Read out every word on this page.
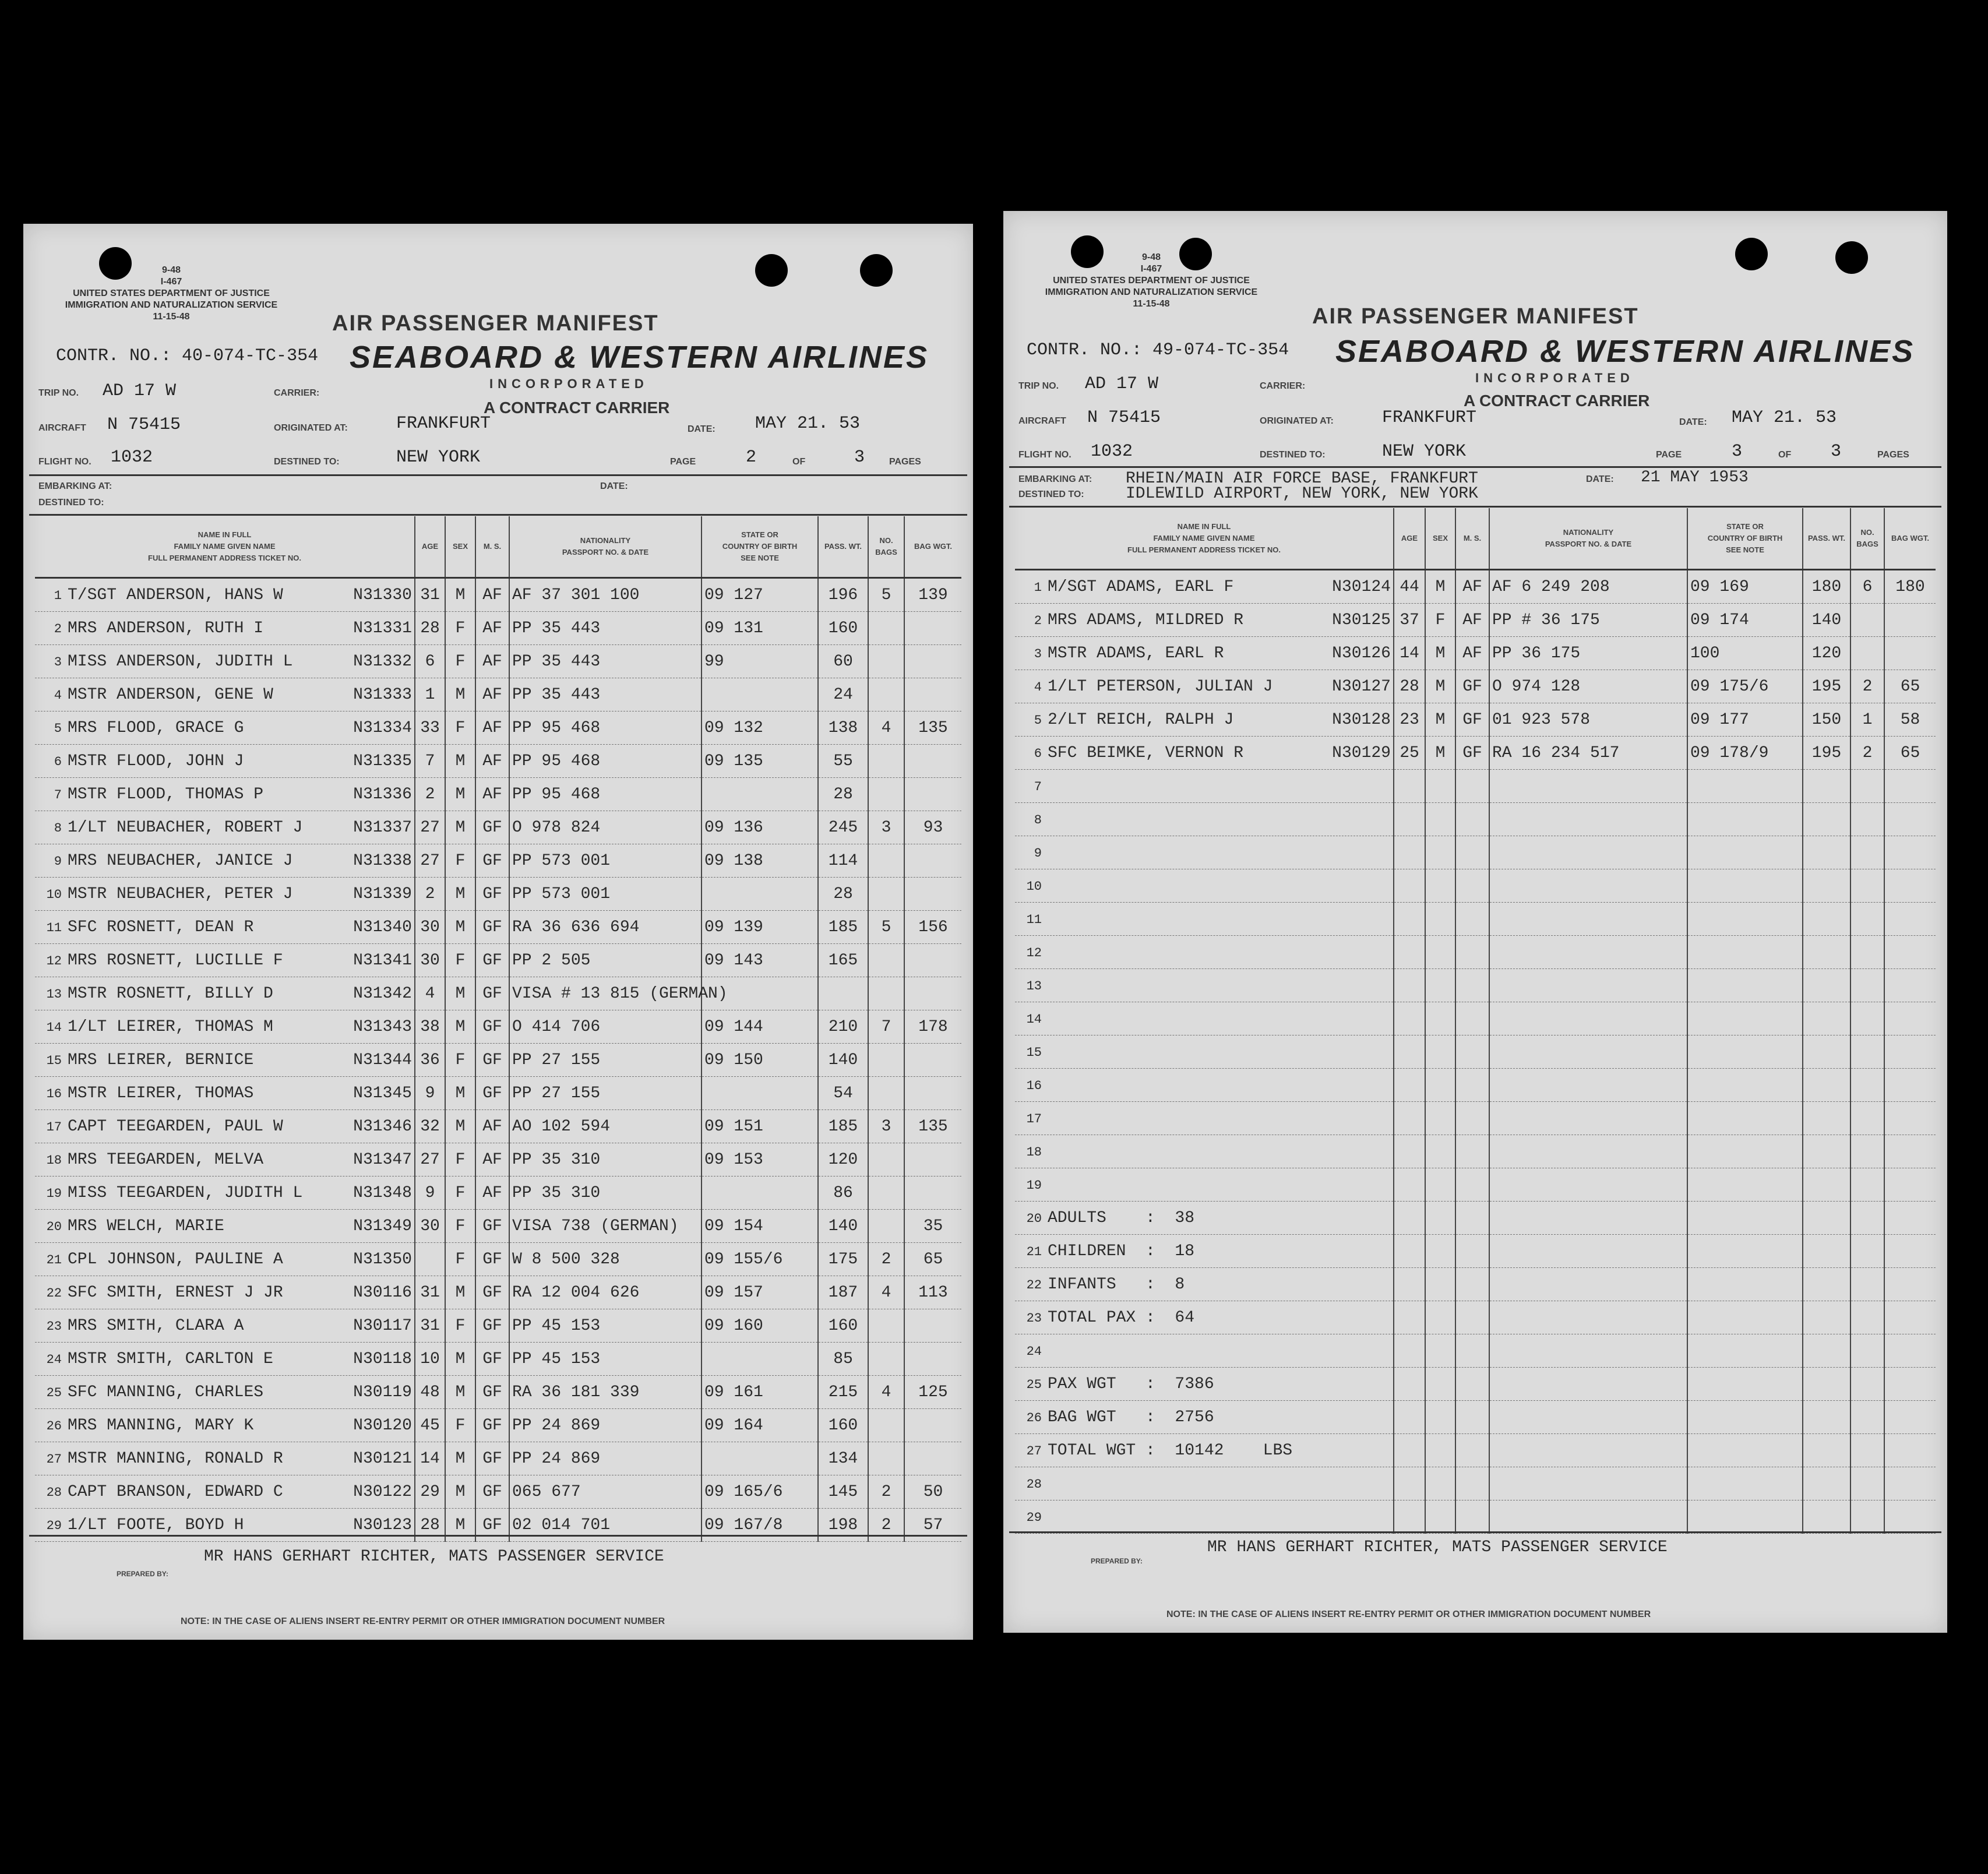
9-48
I-467
UNITED STATES DEPARTMENT OF JUSTICE
IMMIGRATION AND NATURALIZATION SERVICE
11-15-48	AIR PASSENGER MANIFEST
CONTR. NO.: 40-074-TC-354 SEABOARD & WESTERN AIRLINES
INCORPORATED
A CONTRACT CARRIER
TRIP NO. AD 17 W	CARRIER:
AIRCRAFT N 75415	ORIGINATED AT:	FRANKFURT	DATE: MAY 21. 53
FLIGHT NO. 1032	DESTINED TO:	NEW YORK	PAGE	2	OF	3	PAGES
EMBARKING AT:	DATE:
DESTINED TO:
NAME IN FULL
FAMILY NAME GIVEN NAME
FULL PERMANENT ADDRESS TICKET NO.	AGE	SEX	M. S.	NATIONALITY
PASSPORT NO. & DATE	STATE OR
COUNTRY OF BIRTH
SEE NOTE	PASS. WT.	NO. BAGS	BAG WGT.
1 T/SGT ANDERSON, HANS W N31330	31	M	AF	AF 37 301 100	09 127	196	5	139
2 MRS ANDERSON, RUTH I N31331	28	F	AF	PP 35 443	09 131	160		
3 MISS ANDERSON, JUDITH L N31332	6	F	AF	PP 35 443	99	60		
4 MSTR ANDERSON, GENE W N31333	1	M	AF	PP 35 443		24		
5 MRS FLOOD, GRACE G N31334	33	F	AF	PP 95 468	09 132	138	4	135
6 MSTR FLOOD, JOHN J N31335	7	M	AF	PP 95 468	09 135	55		
7 MSTR FLOOD, THOMAS P N31336	2	M	AF	PP 95 468		28		
8 1/LT NEUBACHER, ROBERT J N31337	27	M	GF	O 978 824	09 136	245	3	93
9 MRS NEUBACHER, JANICE J N31338	27	F	GF	PP 573 001	09 138	114		
10 MSTR NEUBACHER, PETER J N31339	2	M	GF	PP 573 001		28		
11 SFC ROSNETT, DEAN R N31340	30	M	GF	RA 36 636 694	09 139	185	5	156
12 MRS ROSNETT, LUCILLE F N31341	30	F	GF	PP 2 505	09 143	165		
13 MSTR ROSNETT, BILLY D N31342	4	M	GF	VISA # 13 815 (GERMAN)				
14 1/LT LEIRER, THOMAS M N31343	38	M	GF	O 414 706	09 144	210	7	178
15 MRS LEIRER, BERNICE N31344	36	F	GF	PP 27 155	09 150	140		
16 MSTR LEIRER, THOMAS N31345	9	M	GF	PP 27 155		54		
17 CAPT TEEGARDEN, PAUL W N31346	32	M	AF	AO 102 594	09 151	185	3	135
18 MRS TEEGARDEN, MELVA N31347	27	F	AF	PP 35 310	09 153	120		
19 MISS TEEGARDEN, JUDITH L N31348	9	F	AF	PP 35 310		86		
20 MRS WELCH, MARIE N31349	30	F	GF	VISA 738 (GERMAN)	09 154	140		35
21 CPL JOHNSON, PAULINE A N31350		F	GF	W 8 500 328	09 155/6	175	2	65
22 SFC SMITH, ERNEST J JR N30116	31	M	GF	RA 12 004 626	09 157	187	4	113
23 MRS SMITH, CLARA A N30117	31	F	GF	PP 45 153	09 160	160		
24 MSTR SMITH, CARLTON E N30118	10	M	GF	PP 45 153		85		
25 SFC MANNING, CHARLES N30119	48	M	GF	RA 36 181 339	09 161	215	4	125
26 MRS MANNING, MARY K N30120	45	F	GF	PP 24 869	09 164	160		
27 MSTR MANNING, RONALD R N30121	14	M	GF	PP 24 869		134		
28 CAPT BRANSON, EDWARD C N30122	29	M	GF	065 677	09 165/6	145	2	50
29 1/LT FOOTE, BOYD H N30123	28	M	GF	02 014 701	09 167/8	198	2	57
PREPARED BY:
MR HANS GERHART RICHTER, MATS PASSENGER SERVICE
NOTE: IN THE CASE OF ALIENS INSERT RE-ENTRY PERMIT OR OTHER IMMIGRATION DOCUMENT NUMBER
9-48
I-467
UNITED STATES DEPARTMENT OF JUSTICE
IMMIGRATION AND NATURALIZATION SERVICE
11-15-48
AIR PASSENGER MANIFEST
CONTR. NO.: 49-074-TC-354 SEABOARD & WESTERN AIRLINES
INCORPORATED
A CONTRACT CARRIER
TRIP NO. AD 17 W	CARRIER:
AIRCRAFT N 75415	ORIGINATED AT:	FRANKFURT	DATE: MAY 21. 53
FLIGHT NO. 1032	DESTINED TO:	NEW YORK	PAGE	3	OF 3	PAGES
EMBARKING AT: RHEIN/MAIN AIR FORCE BASE, FRANKFURT	DATE: 21 MAY 1953
DESTINED TO:	IDLEWILD AIRPORT, NEW YORK, NEW YORK
NAME IN FULL
FAMILY NAME GIVEN NAME
FULL PERMANENT ADDRESS TICKET NO.	AGE	SEX	M. S.	NATIONALITY
PASSPORT NO. & DATE	STATE OR
COUNTRY OF BIRTH
SEE NOTE	PASS. WT.	NO. BAGS	BAG WGT.
1 M/SGT ADAMS, EARL F N30124	44	M	AF	AF 6 249 208	09 169	180	6	180
2 MRS ADAMS, MILDRED R N30125	37	F	AF	PP # 36 175	09 174	140		
3 MSTR ADAMS, EARL R N30126	14	M	AF	PP 36 175	100	120		
4 1/LT PETERSON, JULIAN J N30127	28	M	GF	O 974 128	09 175/6	195	2	65
5 2/LT REICH, RALPH J N30128	23	M	GF	01 923 578	09 177	150	1	58
6 SFC BEIMKE, VERNON R N30129	25	M	GF	RA 16 234 517	09 178/9	195	2	65
7

8

9

10

11

12

13

14

15

16

17

18

19

20 ADULTS    :  38

21 CHILDREN  :  18

22 INFANTS   :  8

23 TOTAL PAX :  64

24

25 PAX WGT   :  7386

26 BAG WGT   :  2756

27 TOTAL WGT :  10142    LBS

28

29

PREPARED BY:
MR HANS GERHART RICHTER, MATS PASSENGER SERVICE
NOTE: IN THE CASE OF ALIENS INSERT RE-ENTRY PERMIT OR OTHER IMMIGRATION DOCUMENT NUMBER
